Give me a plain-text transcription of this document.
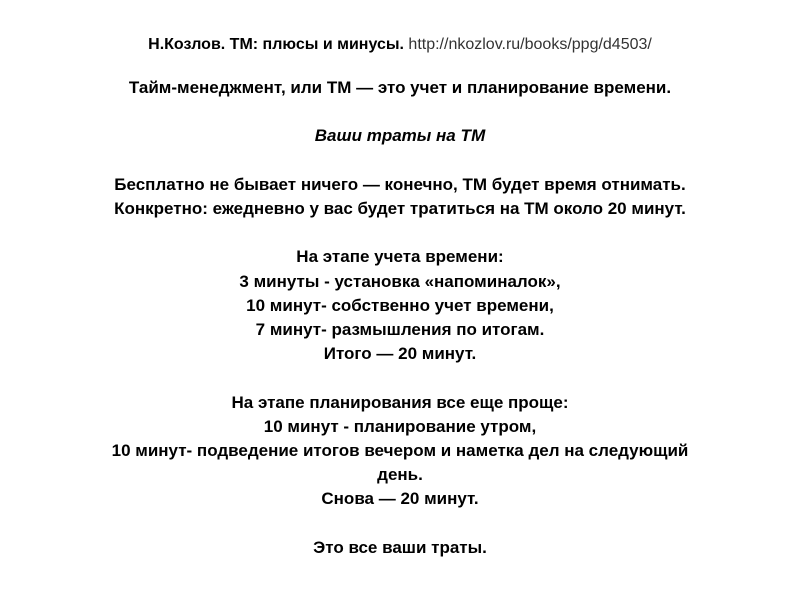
Н.Козлов. ТМ: плюсы и минусы. http://nkozlov.ru/books/ppg/d4503/
Тайм-менеджмент, или ТМ — это учет и планирование времени.
Ваши траты на ТМ
Бесплатно не бывает ничего — конечно, ТМ будет время отнимать.
Конкретно: ежедневно у вас будет тратиться на ТМ около 20 минут.
На этапе учета времени:
3 минуты - установка «напоминалок»,
10 минут- собственно учет времени,
7 минут- размышления по итогам.
Итого — 20 минут.
На этапе планирования все еще проще:
10 минут - планирование утром,
10 минут- подведение итогов вечером и наметка дел на следующий
день.
Снова — 20 минут.
Это все ваши траты.
